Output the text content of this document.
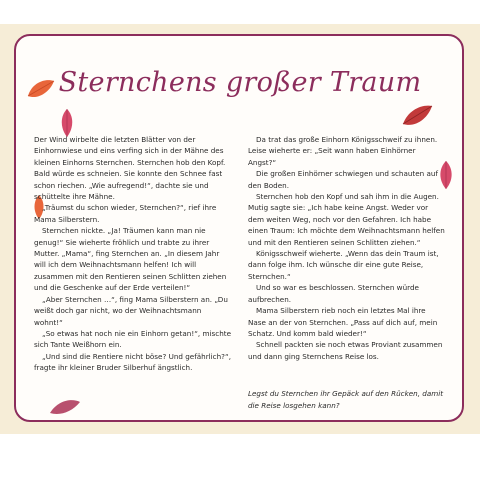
Sternchens großer Traum

Der Wind wirbelte die letzten Blätter von der Einhornwiese und eins verfing sich in der Mähne des kleinen Einhorns Sternchen. Sternchen hob den Kopf. Bald würde es schneien. Sie konnte den Schnee fast schon riechen. „Wie aufregend!“, dachte sie und schüttelte ihre Mähne.

„Träumst du schon wieder, Sternchen?“, rief ihre Mama Silberstern.

Sternchen nickte. „Ja! Träumen kann man nie genug!“ Sie wieherte fröhlich und trabte zu ihrer Mutter. „Mama“, fing Sternchen an. „In diesem Jahr will ich dem Weihnachtsmann helfen! Ich will zusammen mit den Rentieren seinen Schlitten ziehen und die Geschenke auf der Erde verteilen!“

„Aber Sternchen …“, fing Mama Silberstern an. „Du weißt doch gar nicht, wo der Weihnachtsmann wohnt!“

„So etwas hat noch nie ein Einhorn getan!“, mischte sich Tante Weißhorn ein.

„Und sind die Rentiere nicht böse? Und gefährlich?“, fragte ihr kleiner Bruder Silberhuf ängstlich.

Da trat das große Einhorn Königsschweif zu ihnen. Leise wieherte er: „Seit wann haben Einhörner Angst?“

Die großen Einhörner schwiegen und schauten auf den Boden.

Sternchen hob den Kopf und sah ihm in die Augen. Mutig sagte sie: „Ich habe keine Angst. Weder vor dem weiten Weg, noch vor den Gefahren. Ich habe einen Traum: Ich möchte dem Weihnachtsmann helfen und mit den Rentieren seinen Schlitten ziehen.“

Königsschweif wieherte. „Wenn das dein Traum ist, dann folge ihm. Ich wünsche dir eine gute Reise, Sternchen.“

Und so war es beschlossen. Sternchen würde aufbrechen.

Mama Silberstern rieb noch ein letztes Mal ihre Nase an der von Sternchen. „Pass auf dich auf, mein Schatz. Und komm bald wieder!“

Schnell packten sie noch etwas Proviant zusammen und dann ging Sternchens Reise los.

Legst du Sternchen ihr Gepäck auf den Rücken, damit die Reise losgehen kann?
